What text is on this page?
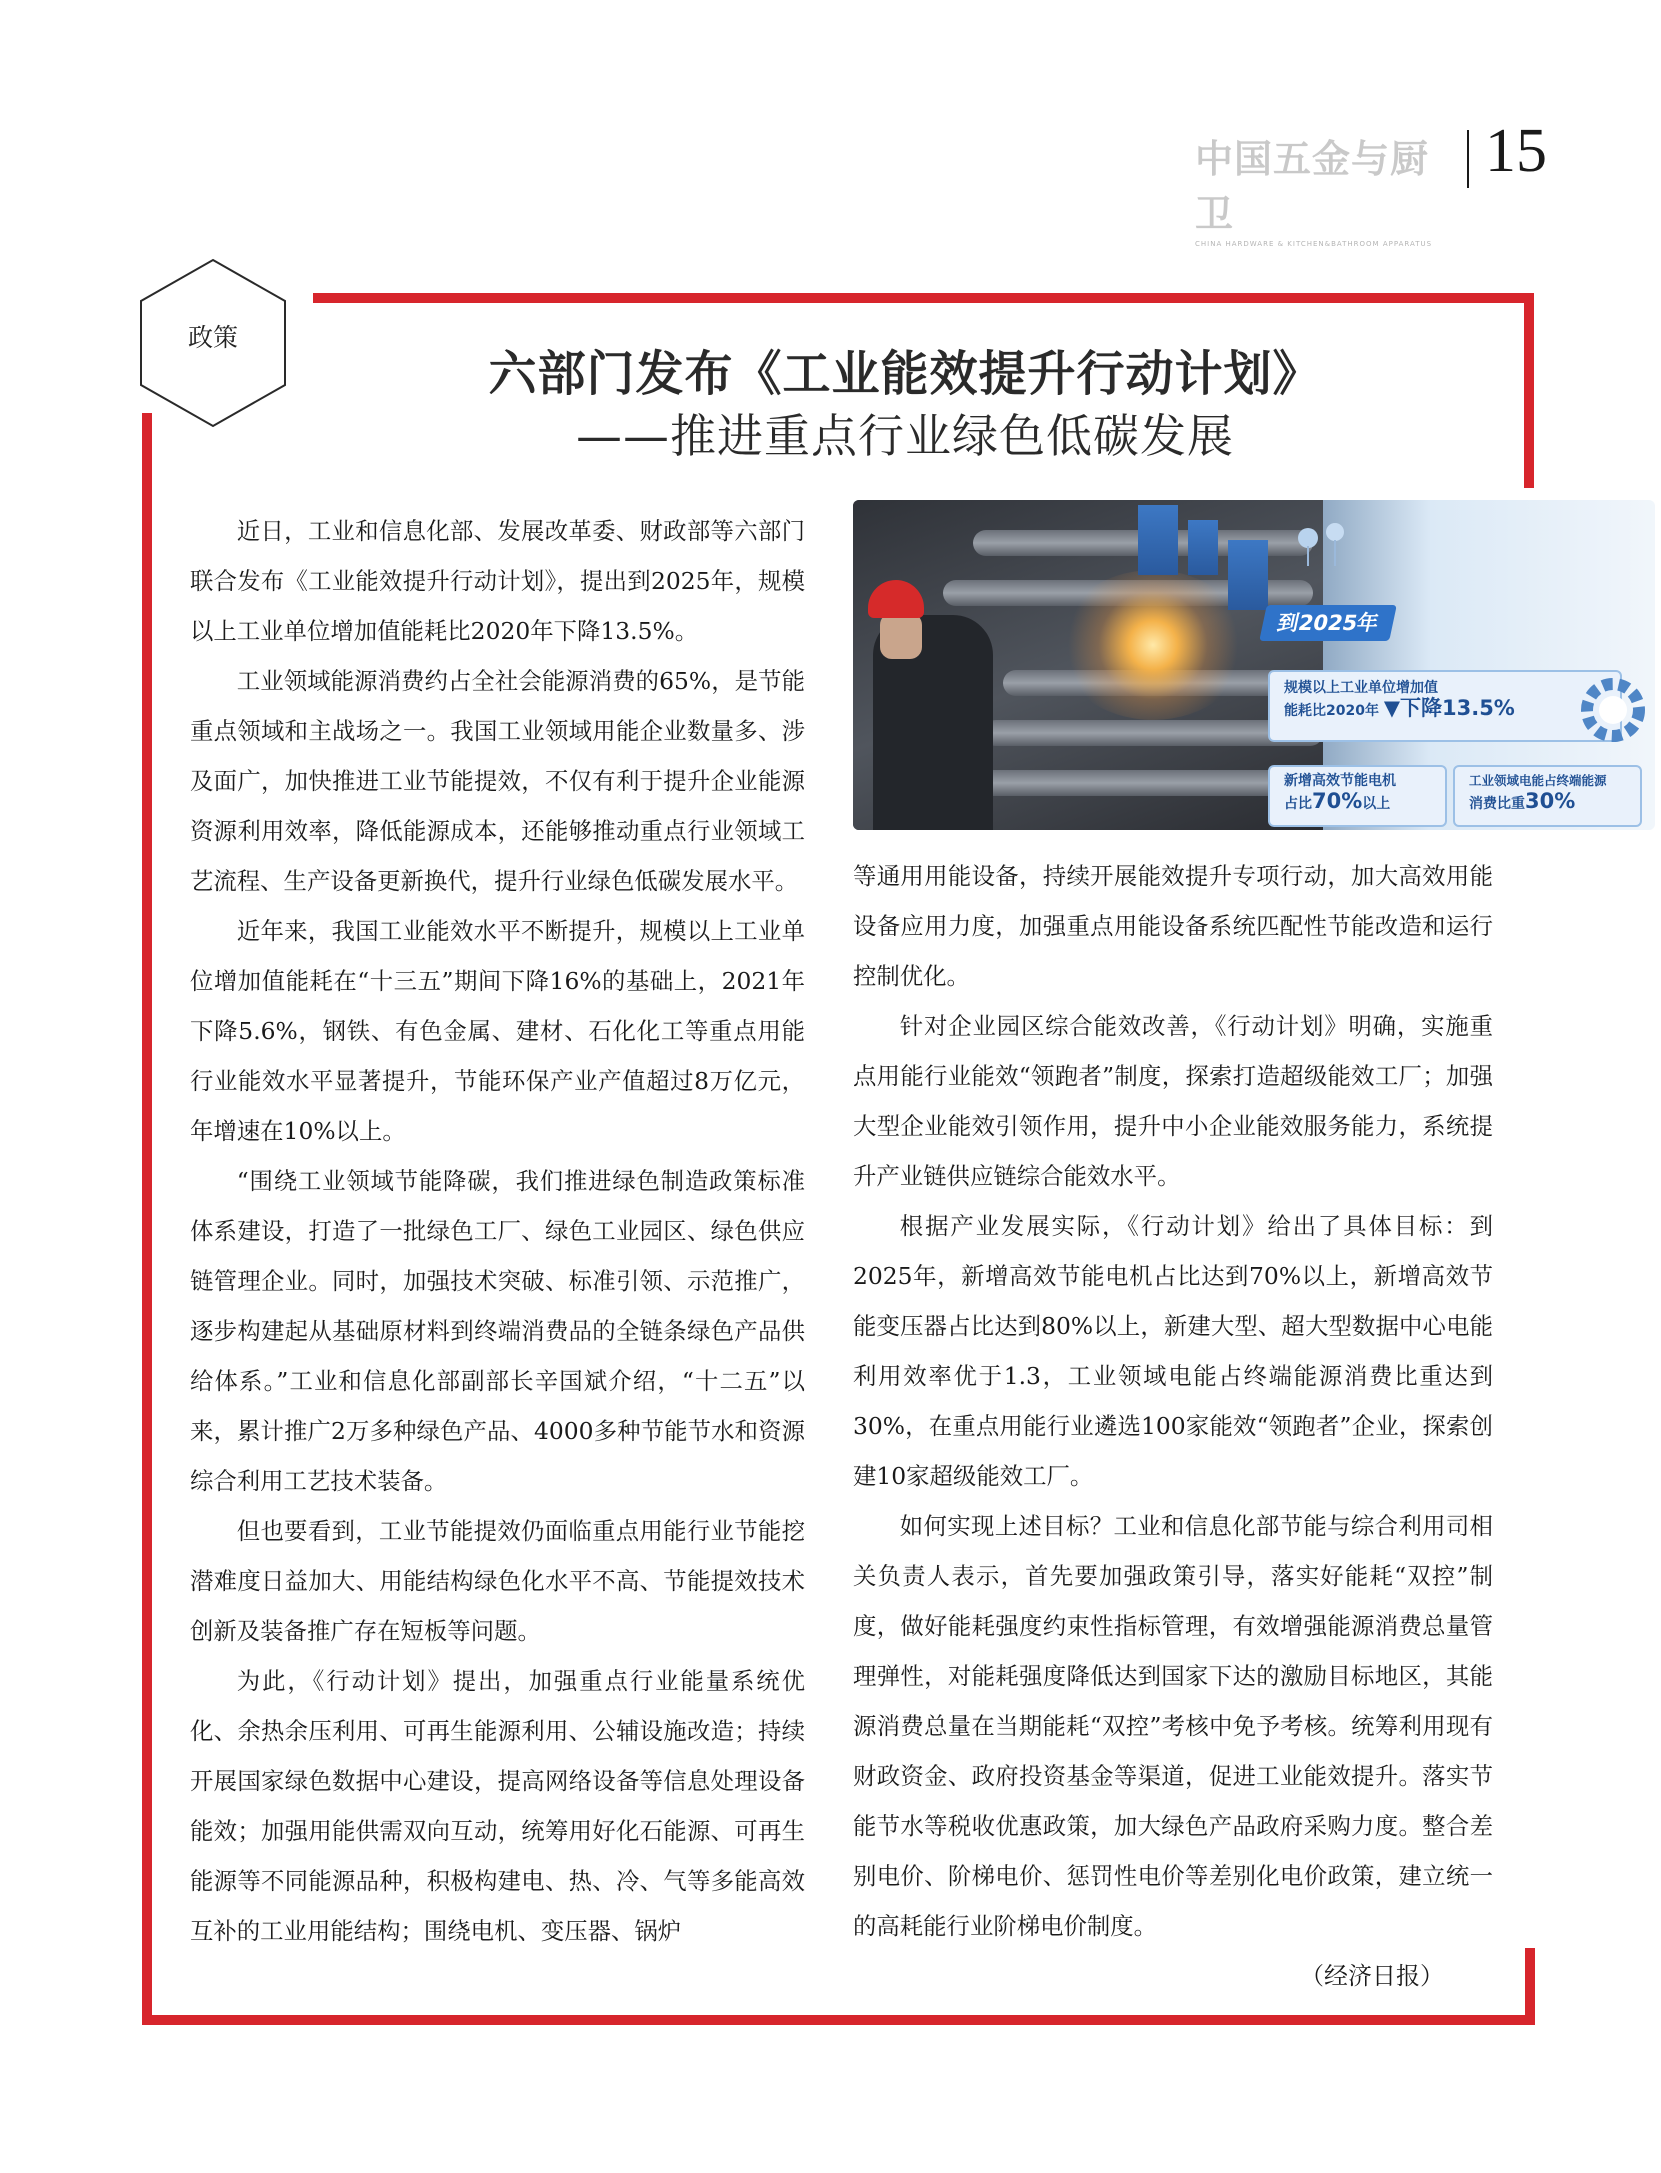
中国五金与厨卫
CHINA HARDWARE & KITCHEN&BATHROOM APPARATUS
15
政策
六部门发布《工业能效提升行动计划》
——推进重点行业绿色低碳发展

近日，工业和信息化部、发展改革委、财政部等六部门联合发布《工业能效提升行动计划》，提出到2025年，规模以上工业单位增加值能耗比2020年下降13.5%。

工业领域能源消费约占全社会能源消费的65%，是节能重点领域和主战场之一。我国工业领域用能企业数量多、涉及面广，加快推进工业节能提效，不仅有利于提升企业能源资源利用效率，降低能源成本，还能够推动重点行业领域工艺流程、生产设备更新换代，提升行业绿色低碳发展水平。

近年来，我国工业能效水平不断提升，规模以上工业单位增加值能耗在“十三五”期间下降16%的基础上，2021年下降5.6%，钢铁、有色金属、建材、石化化工等重点用能行业能效水平显著提升，节能环保产业产值超过8万亿元，年增速在10%以上。

“围绕工业领域节能降碳，我们推进绿色制造政策标准体系建设，打造了一批绿色工厂、绿色工业园区、绿色供应链管理企业。同时，加强技术突破、标准引领、示范推广，逐步构建起从基础原材料到终端消费品的全链条绿色产品供给体系。”工业和信息化部副部长辛国斌介绍，“十二五”以来，累计推广2万多种绿色产品、4000多种节能节水和资源综合利用工艺技术装备。

但也要看到，工业节能提效仍面临重点用能行业节能挖潜难度日益加大、用能结构绿色化水平不高、节能提效技术创新及装备推广存在短板等问题。

为此，《行动计划》提出，加强重点行业能量系统优化、余热余压利用、可再生能源利用、公辅设施改造；持续开展国家绿色数据中心建设，提高网络设备等信息处理设备能效；加强用能供需双向互动，统筹用好化石能源、可再生能源等不同能源品种，积极构建电、热、冷、气等多能高效互补的工业用能结构；围绕电机、变压器、锅炉

到2025年
规模以上工业单位增加值
能耗比2020年 ▼下降13.5%
新增高效节能电机
占比70%以上
工业领域电能占终端能源
消费比重30%

等通用用能设备，持续开展能效提升专项行动，加大高效用能设备应用力度，加强重点用能设备系统匹配性节能改造和运行控制优化。

针对企业园区综合能效改善，《行动计划》明确，实施重点用能行业能效“领跑者”制度，探索打造超级能效工厂；加强大型企业能效引领作用，提升中小企业能效服务能力，系统提升产业链供应链综合能效水平。

根据产业发展实际，《行动计划》给出了具体目标：到2025年，新增高效节能电机占比达到70%以上，新增高效节能变压器占比达到80%以上，新建大型、超大型数据中心电能利用效率优于1.3，工业领域电能占终端能源消费比重达到30%，在重点用能行业遴选100家能效“领跑者”企业，探索创建10家超级能效工厂。

如何实现上述目标？工业和信息化部节能与综合利用司相关负责人表示，首先要加强政策引导，落实好能耗“双控”制度，做好能耗强度约束性指标管理，有效增强能源消费总量管理弹性，对能耗强度降低达到国家下达的激励目标地区，其能源消费总量在当期能耗“双控”考核中免予考核。统筹利用现有财政资金、政府投资基金等渠道，促进工业能效提升。落实节能节水等税收优惠政策，加大绿色产品政府采购力度。整合差别电价、阶梯电价、惩罚性电价等差别化电价政策，建立统一的高耗能行业阶梯电价制度。

（经济日报）
